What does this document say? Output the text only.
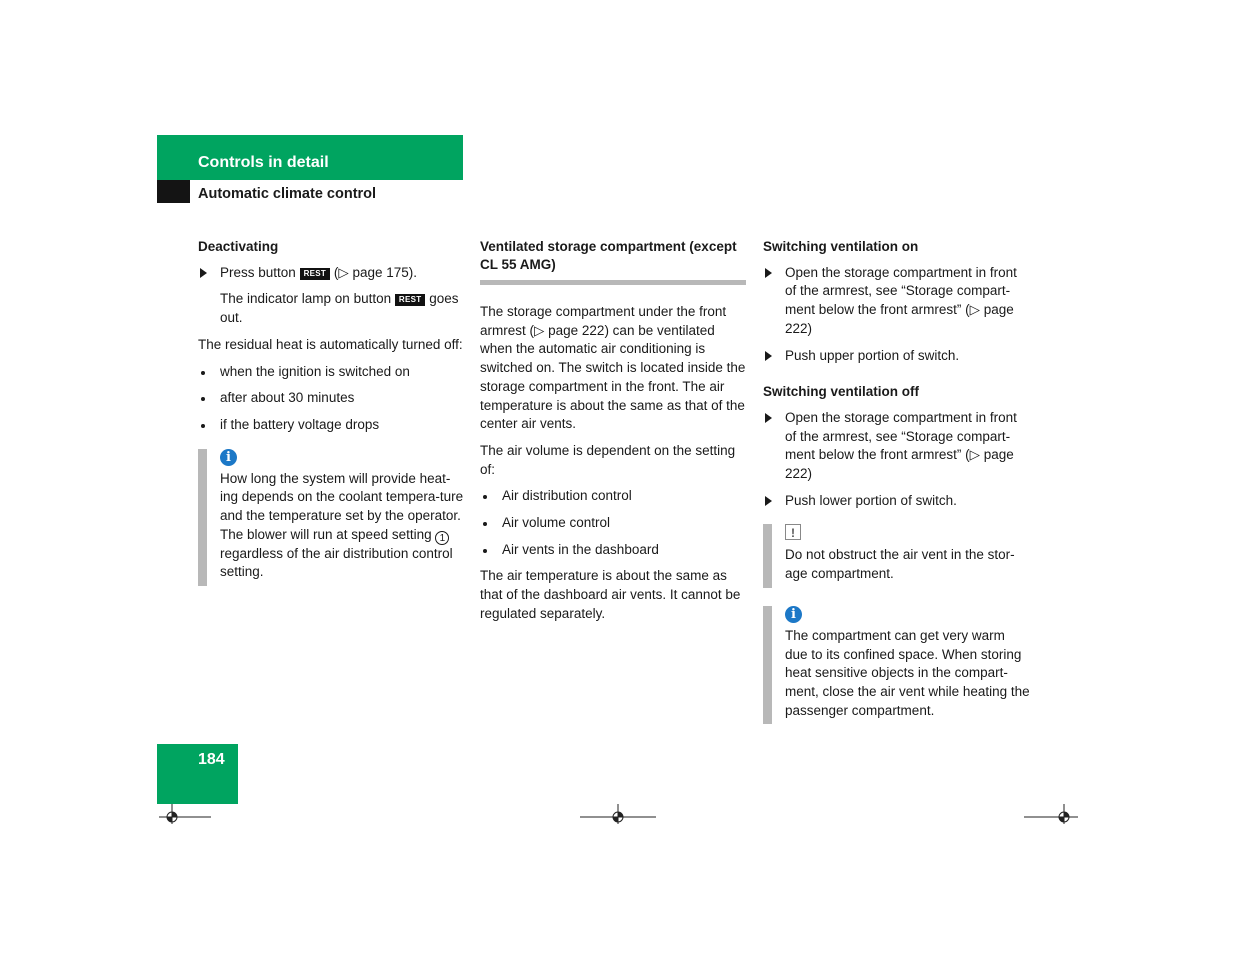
Controls in detail
Automatic climate control
Deactivating
Press button REST (▷ page 175).
The indicator lamp on button REST goes out.

The residual heat is automatically turned off:

when the ignition is switched on
after about 30 minutes
if the battery voltage drops
i
How long the system will provide heat-ing depends on the coolant tempera-ture and the temperature set by the operator. The blower will run at speed setting 1 regardless of the air distribution control setting.
Ventilated storage compartment (except CL 55 AMG)

The storage compartment under the front armrest (▷ page 222) can be ventilated when the automatic air conditioning is switched on. The switch is located inside the storage compartment in the front. The air temperature is about the same as that of the center air vents.

The air volume is dependent on the setting of:

Air distribution control
Air volume control
Air vents in the dashboard

The air temperature is about the same as that of the dashboard air vents. It cannot be regulated separately.

Switching ventilation on
Open the storage compartment in front of the armrest, see “Storage compart-ment below the front armrest” (▷ page 222)
Push upper portion of switch.
Switching ventilation off
Open the storage compartment in front of the armrest, see “Storage compart-ment below the front armrest” (▷ page 222)
Push lower portion of switch.
!
Do not obstruct the air vent in the stor-age compartment.
i
The compartment can get very warm due to its confined space. When storing heat sensitive objects in the compart-ment, close the air vent while heating the passenger compartment.
184
